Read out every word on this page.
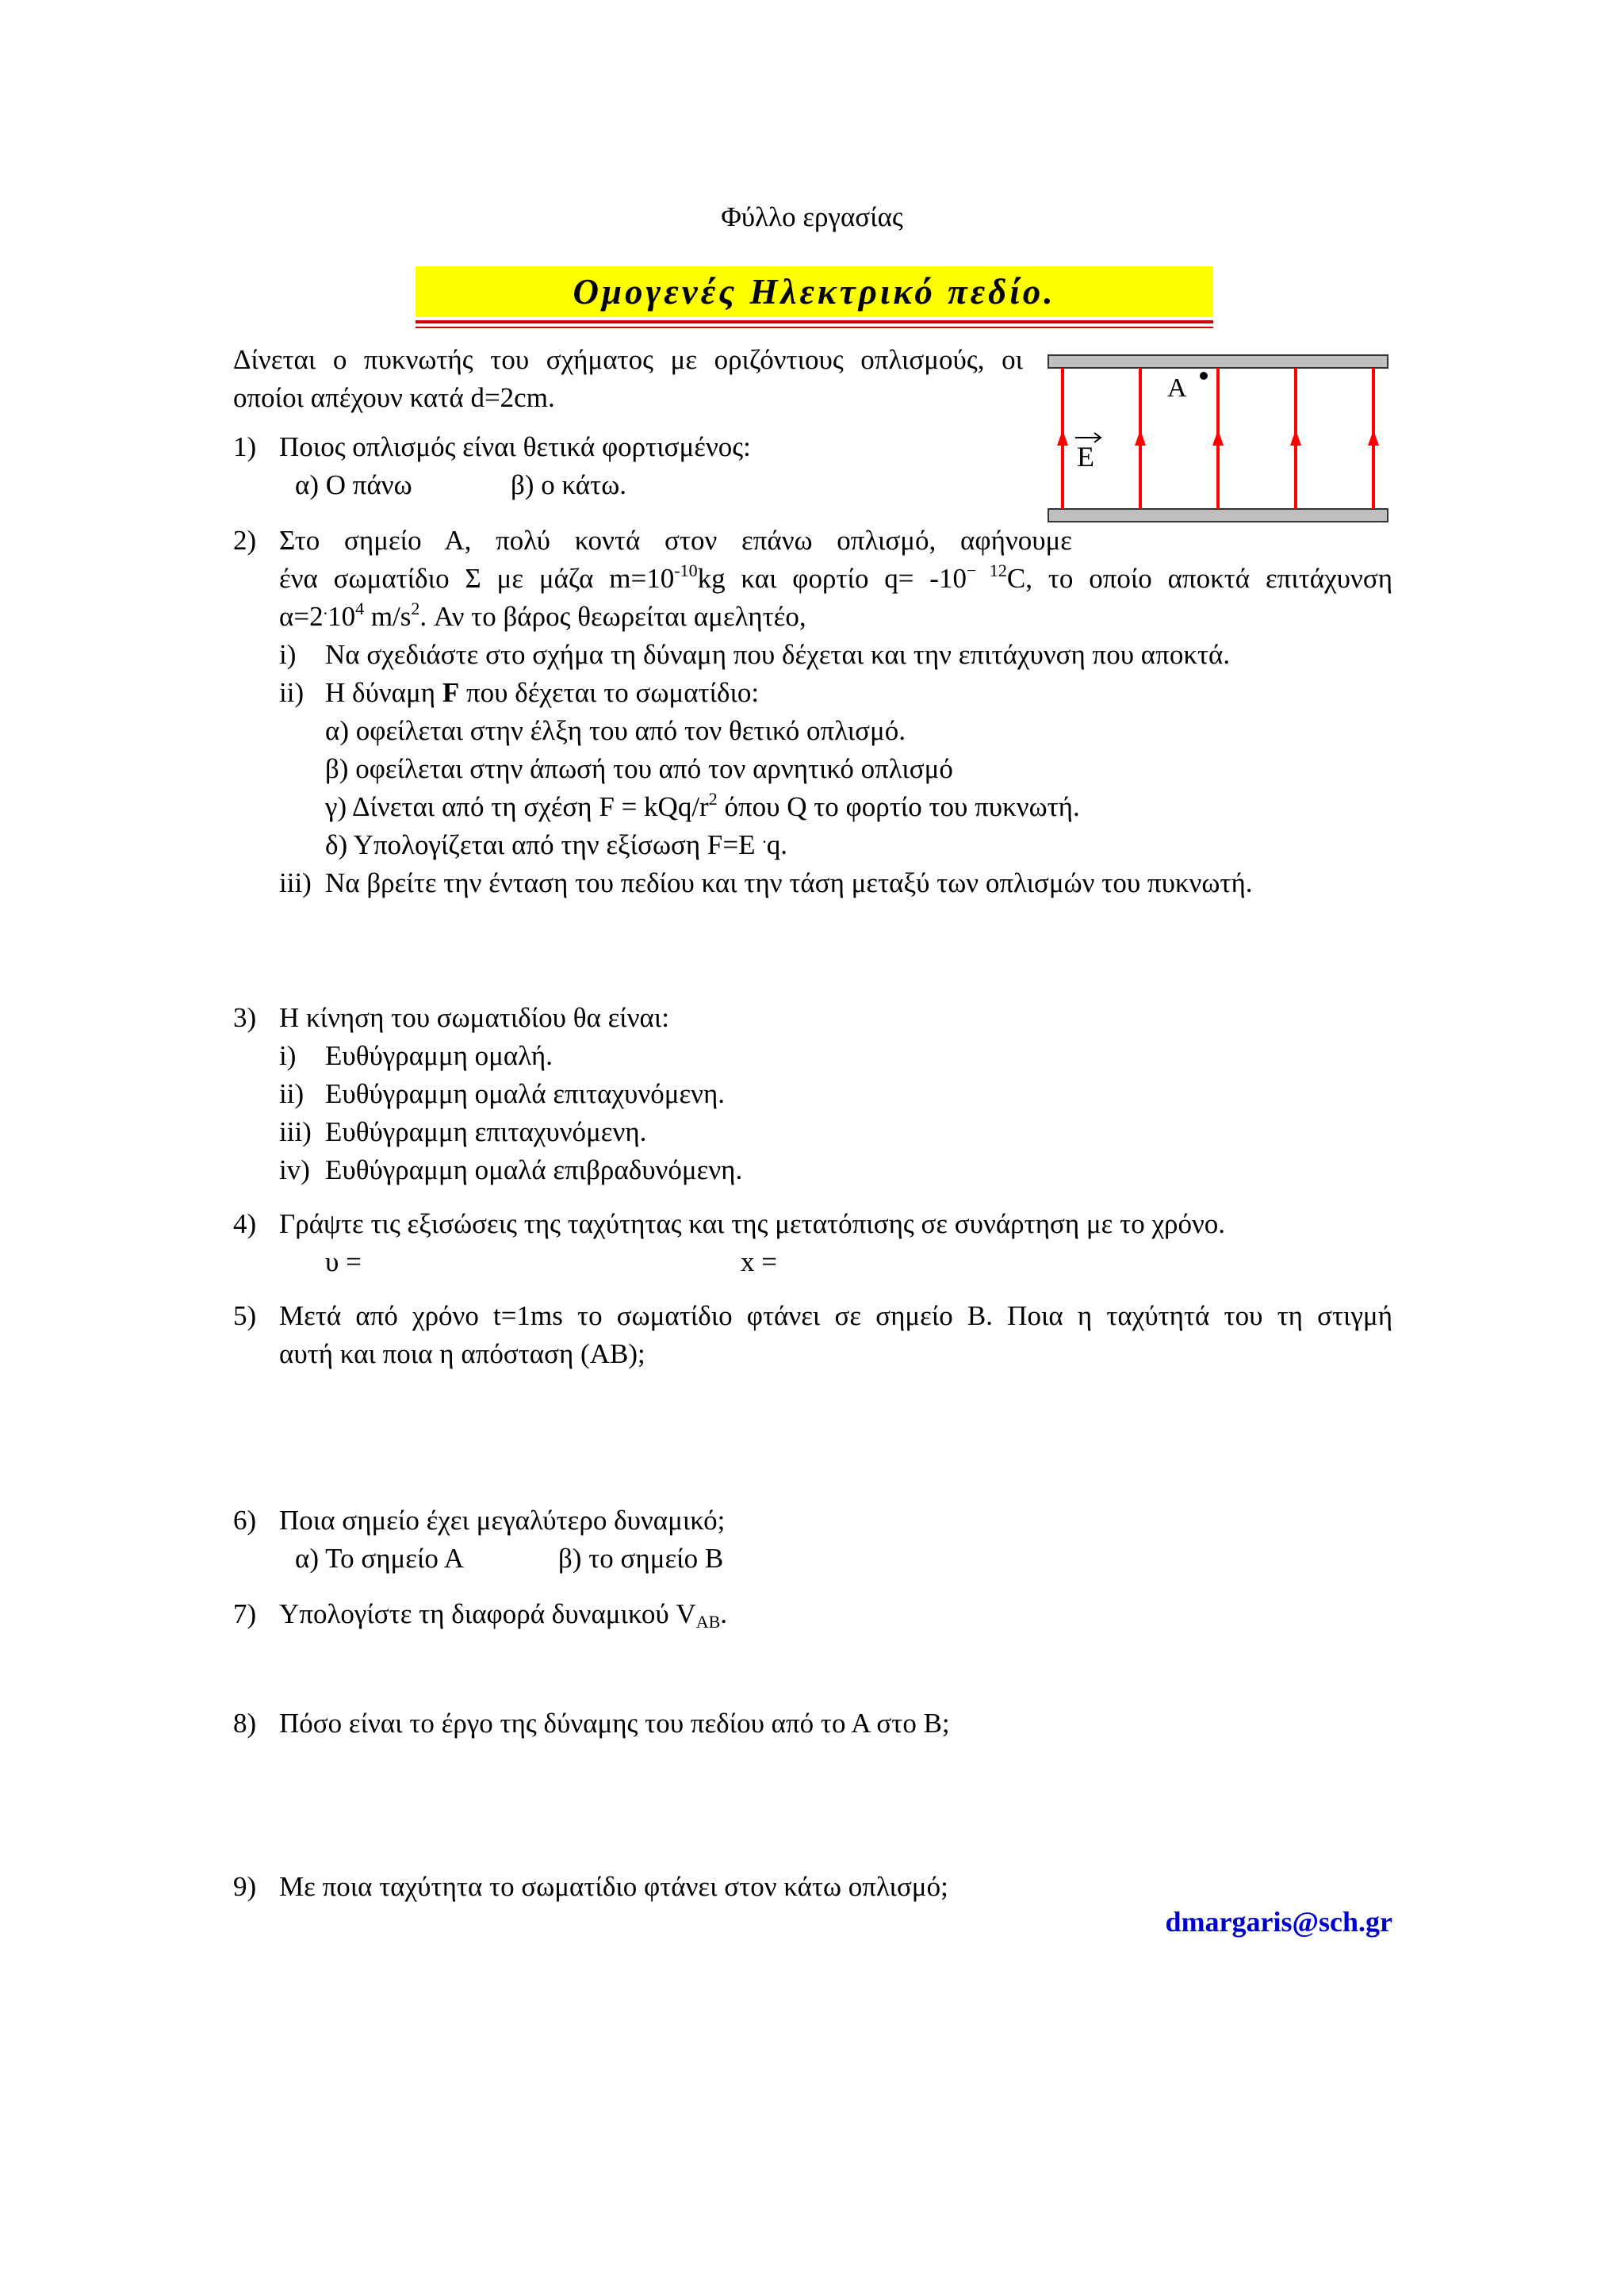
Φύλλο εργασίας
Ομογενές Ηλεκτρικό πεδίο.
Δίνεται ο πυκνωτής του σχήματος με οριζόντιους οπλισμούς, οι
οποίοι απέχουν κατά d=2cm.	A
E
1) Ποιος οπλισμός είναι θετικά φορτισμένος:
α) Ο πάνω	β) ο κάτω.
2) Στο σημείο Α, πολύ κοντά στον επάνω οπλισμό, αφήνουμε
ένα σωματίδιο Σ με μάζα $m=10^{-10}kg$ και φορτίο $q= -10^{- 12}C$, το οποίο αποκτά επιτάχυνση
$\alpha=2^.10^4$ $m/s^2$. Αν το βάρος θεωρείται αμελητέο,
i) Να σχεδιάστε στο σχήμα τη δύναμη που δέχεται και την επιτάχυνση που αποκτά.
ii) Η δύναμη F που δέχεται το σωματίδιο:
α) οφείλεται στην έλξη του από τον θετικό οπλισμό.
β) οφείλεται στην άπωσή του από τον αρνητικό οπλισμό
γ) Δίνεται από τη σχέση F = kQq/$r^2$ όπου Q το φορτίο του πυκνωτή.
δ) Υπολογίζεται από την εξίσωση F=E .q.
iii) Να βρείτε την ένταση του πεδίου και την τάση μεταξύ των οπλισμών του πυκνωτή.
3) Η κίνηση του σωματιδίου θα είναι:
i) Ευθύγραμμη ομαλή.
ii) Ευθύγραμμη ομαλά επιταχυνόμενη.
iii) Ευθύγραμμη επιταχυνόμενη.
iv) Ευθύγραμμη ομαλά επιβραδυνόμενη.
4) Γράψτε τις εξισώσεις της ταχύτητας και της μετατόπισης σε συνάρτηση με το χρόνο.
υ =	x =
5) Μετά από χρόνο t=1ms το σωματίδιο φτάνει σε σημείο Β. Ποια η ταχύτητά του τη στιγμή
αυτή και ποια η απόσταση (ΑΒ);
6) Ποια σημείο έχει μεγαλύτερο δυναμικό;
α) Το σημείο Α	β) το σημείο Β
7) Υπολογίστε τη διαφορά δυναμικού $V_{AB}$.
8) Πόσο είναι το έργο της δύναμης του πεδίου από το Α στο Β;
9) Με ποια ταχύτητα το σωματίδιο φτάνει στον κάτω οπλισμό;
dmargaris@sch.gr
